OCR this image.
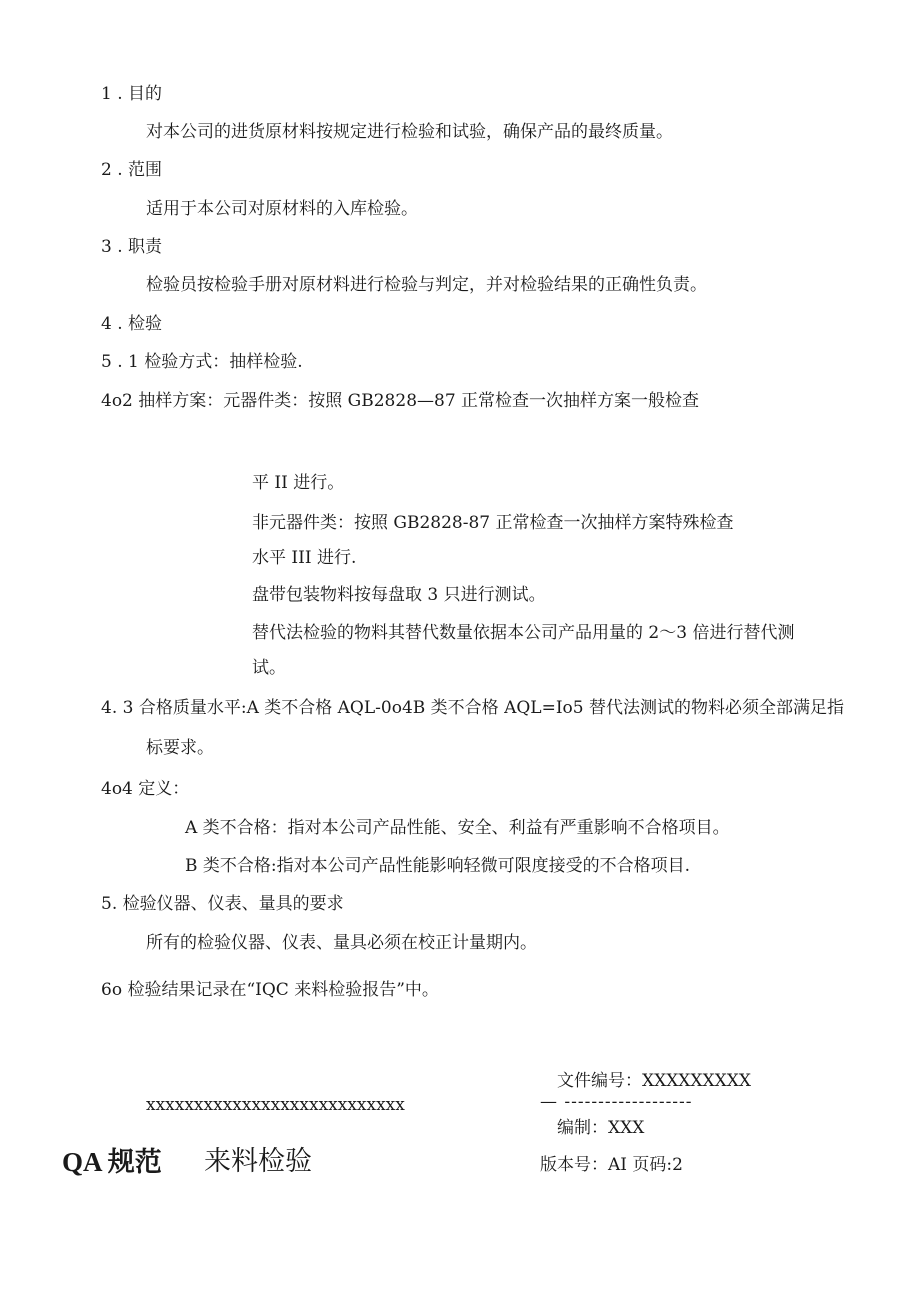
1 . 目的
对本公司的进货原材料按规定进行检验和试验，确保产品的最终质量。
2 . 范围
适用于本公司对原材料的入库检验。
3 . 职责
检验员按检验手册对原材料进行检验与判定，并对检验结果的正确性负责。
4 . 检验
5 . 1 检验方式：抽样检验.
4o2 抽样方案：元器件类：按照 GB2828—87 正常检查一次抽样方案一般检查
平 II 进行。
非元器件类：按照 GB2828-87 正常检查一次抽样方案特殊检查
水平 III 进行.
盘带包装物料按每盘取 3 只进行测试。
替代法检验的物料其替代数量依据本公司产品用量的 2～3 倍进行替代测
试。
4. 3 合格质量水平:A 类不合格 AQL-0o4B 类不合格 AQL=Io5 替代法测试的物料必须全部满足指
标要求。
4o4 定义：
A 类不合格：指对本公司产品性能、安全、利益有严重影响不合格项目。
B 类不合格:指对本公司产品性能影响轻微可限度接受的不合格项目.
5. 检验仪器、仪表、量具的要求
所有的检验仪器、仪表、量具必须在校正计量期内。
6o 检验结果记录在“IQC 来料检验报告”中。
文件编号：XXXXXXXXX
xxxxxxxxxxxxxxxxxxxxxxxxxxx	— -------------------
编制：XXX
QA 规范 来料检验	版本号：AI 页码:2
